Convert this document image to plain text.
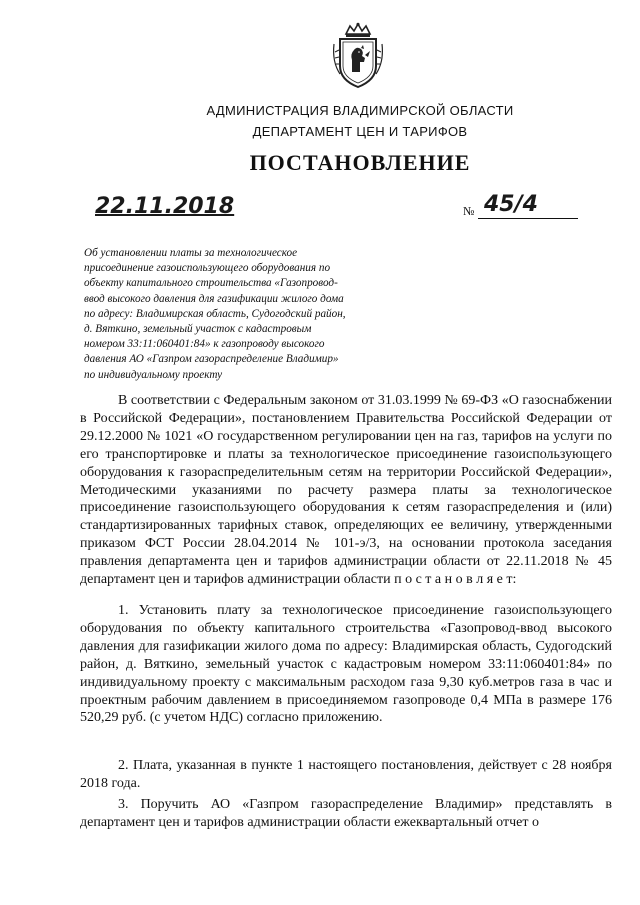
АДМИНИСТРАЦИЯ ВЛАДИМИРСКОЙ ОБЛАСТИ
ДЕПАРТАМЕНТ ЦЕН И ТАРИФОВ
ПОСТАНОВЛЕНИЕ
22.11.2018	№ 45/4
Об установлении платы за технологическое
присоединение газоиспользующего оборудования по
объекту капитального строительства «Газопровод-
ввод высокого давления для газификации жилого дома
по адресу: Владимирская область, Судогодский район,
д. Вяткино, земельный участок с кадастровым
номером 33:11:060401:84» к газопроводу высокого
давления АО «Газпром газораспределение Владимир»
по индивидуальному проекту

В соответствии с Федеральным законом от 31.03.1999 № 69-ФЗ «О газоснабжении в Российской Федерации», постановлением Правительства Российской Федерации от 29.12.2000 № 1021 «О государственном регулировании цен на газ, тарифов на услуги по его транспортировке и платы за технологическое присоединение газоиспользующего оборудования к газораспределительным сетям на территории Российской Федерации», Методическими указаниями по расчету размера платы за технологическое присоединение газоиспользующего оборудования к сетям газораспределения и (или) стандартизированных тарифных ставок, определяющих ее величину, утвержденными приказом ФСТ России 28.04.2014 № 101-э/3, на основании протокола заседания правления департамента цен и тарифов администрации области от 22.11.2018 № 45 департамент цен и тарифов администрации области п о с т а н о в л я е т:

1. Установить плату за технологическое присоединение газоиспользующего оборудования по объекту капитального строительства «Газопровод-ввод высокого давления для газификации жилого дома по адресу: Владимирская область, Судогодский район, д. Вяткино, земельный участок с кадастровым номером 33:11:060401:84» по индивидуальному проекту с максимальным расходом газа 9,30 куб.метров газа в час и проектным рабочим давлением в присоединяемом газопроводе 0,4 МПа в размере 176 520,29 руб. (с учетом НДС) согласно приложению.

2. Плата, указанная в пункте 1 настоящего постановления, действует с 28 ноября 2018 года.

3. Поручить АО «Газпром газораспределение Владимир» представлять в департамент цен и тарифов администрации области ежеквартальный отчет о
